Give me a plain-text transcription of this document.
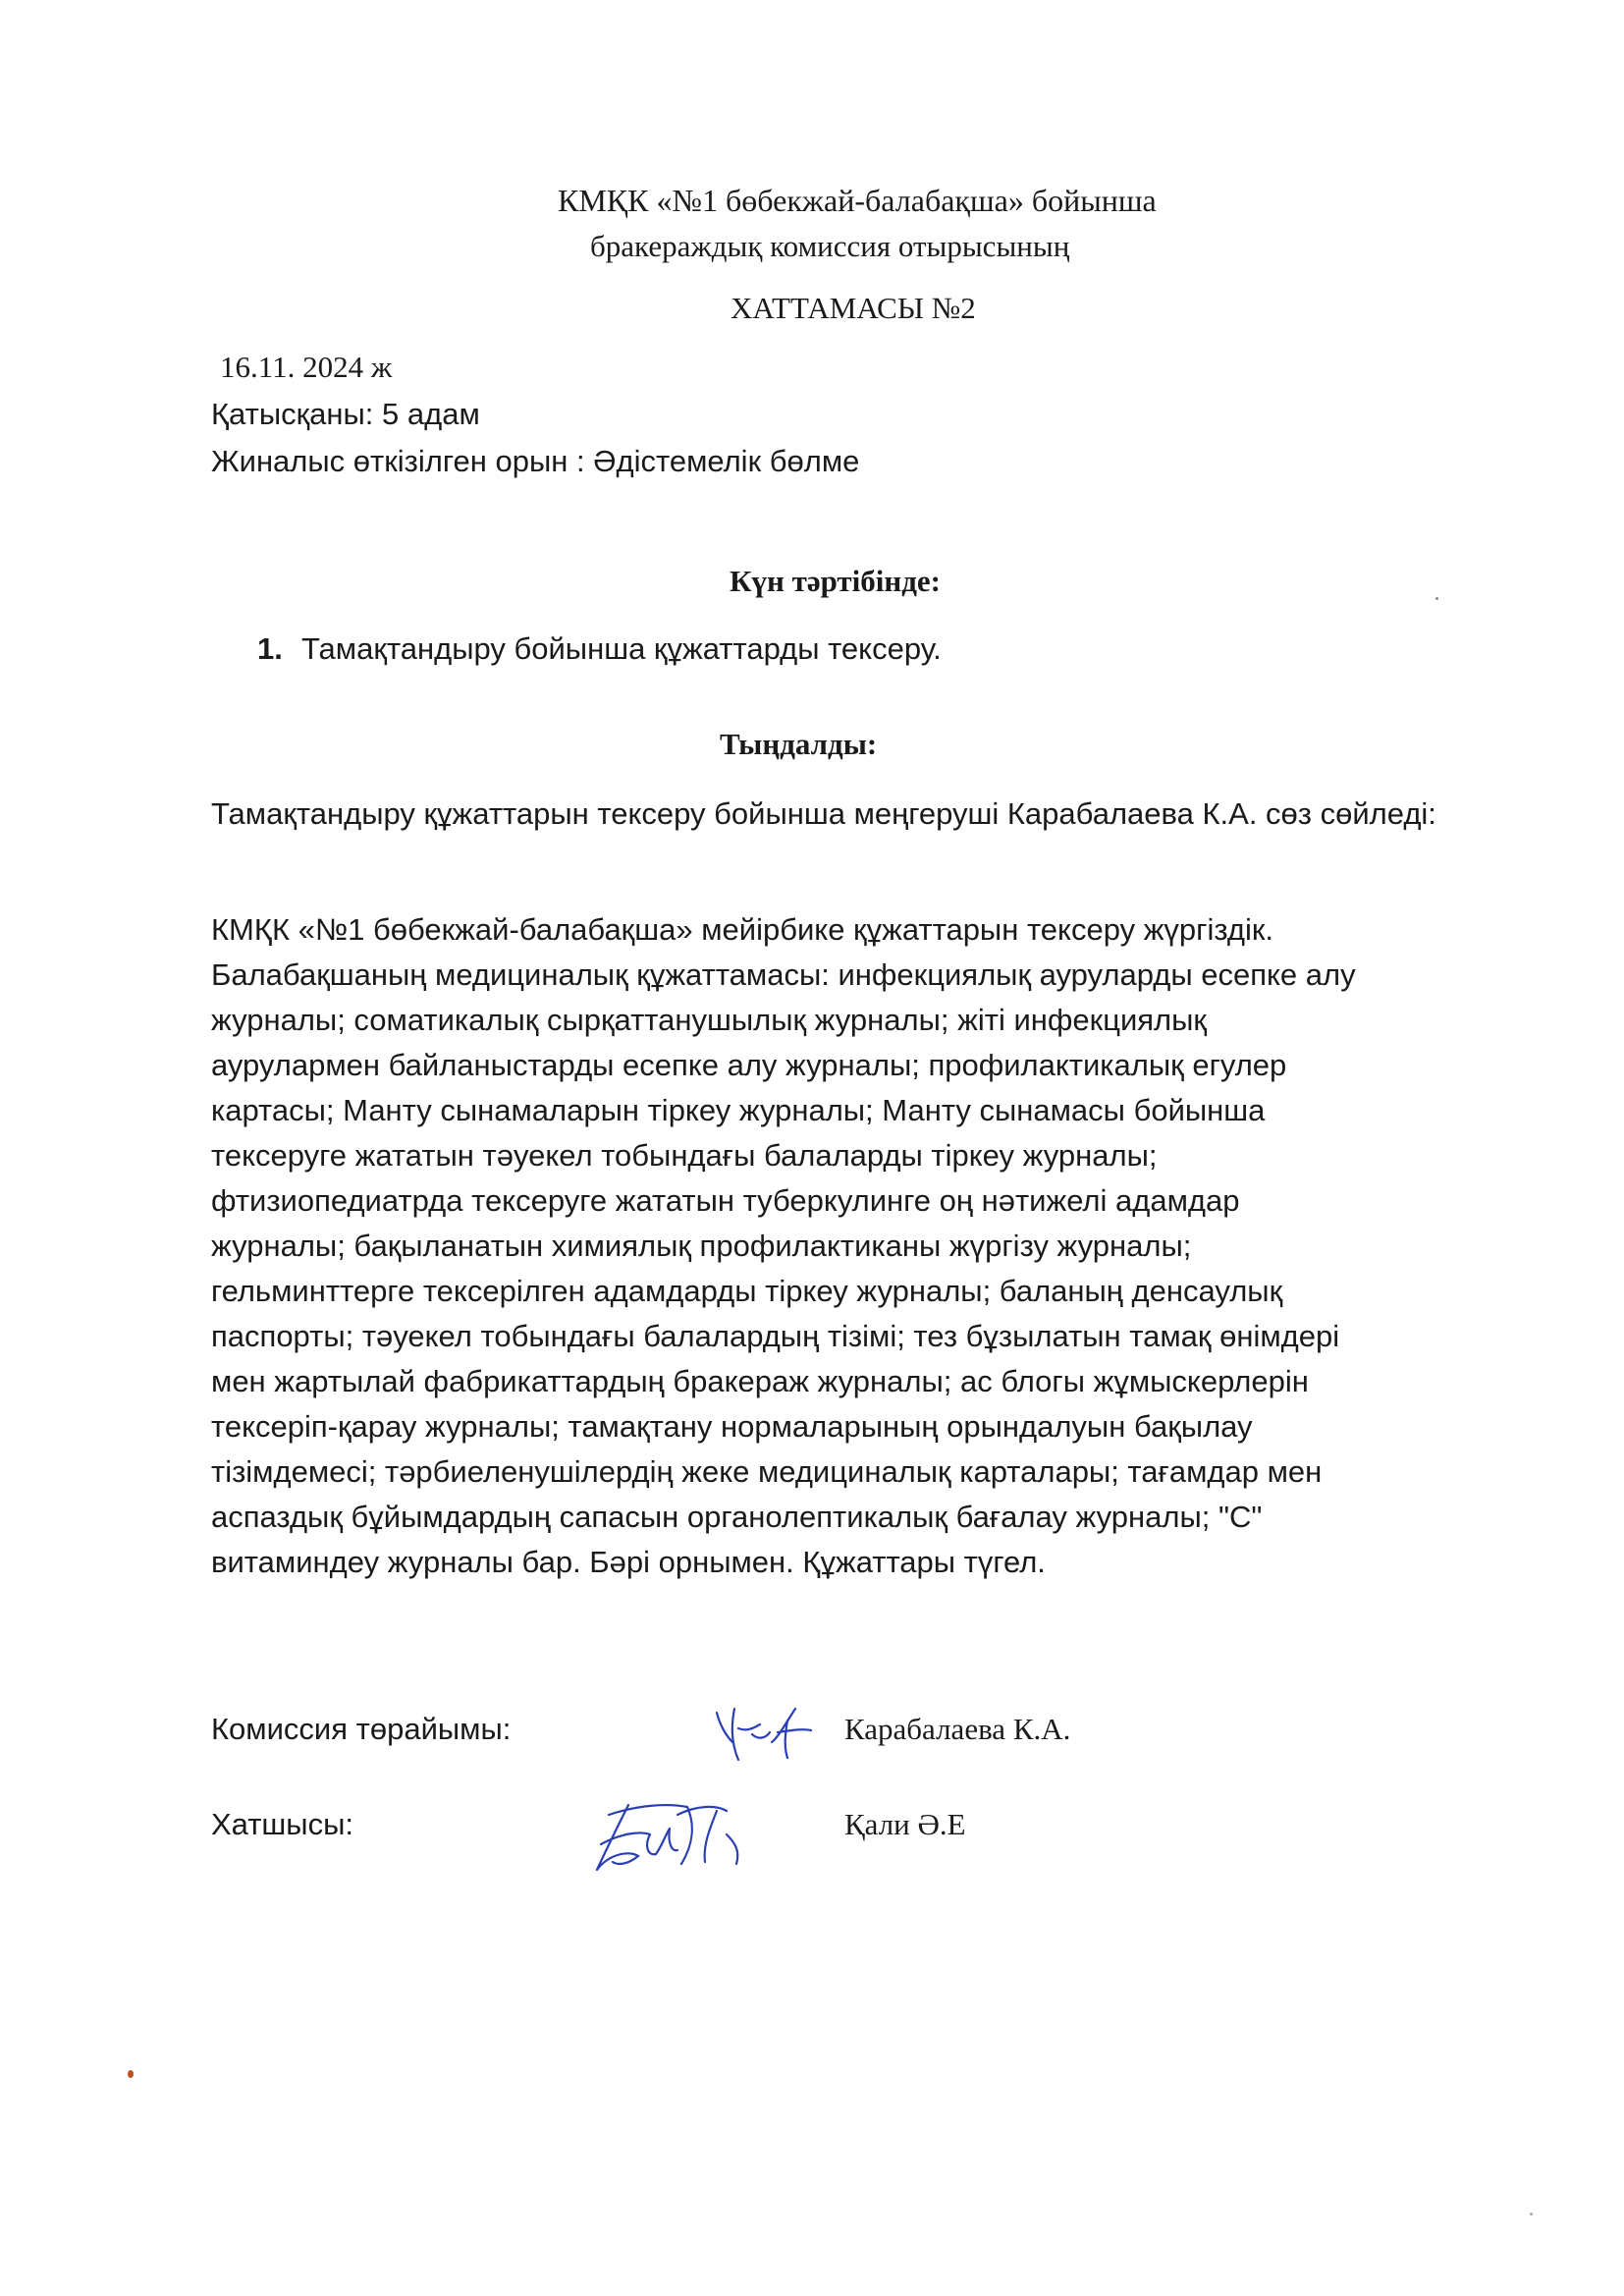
КМҚК «№1 бөбекжай-балабақша» бойынша
бракераждық комиссия отырысының
ХАТТАМАСЫ №2
16.11. 2024 ж
Қатысқаны: 5 адам
Жиналыс өткізілген орын : Әдістемелік бөлме
Күн тәртібінде:
1. Тамақтандыру бойынша құжаттарды тексеру.
Тыңдалды:
Тамақтандыру құжаттарын тексеру бойынша меңгеруші Карабалаева К.А. сөз сөйледі:
КМҚК «№1 бөбекжай-балабақша» мейірбике құжаттарын тексеру жүргіздік.
Балабақшаның медициналық құжаттамасы: инфекциялық ауруларды есепке алу
журналы; соматикалық сырқаттанушылық журналы; жіті инфекциялық
аурулармен байланыстарды есепке алу журналы; профилактикалық егулер
картасы; Манту сынамаларын тіркеу журналы; Манту сынамасы бойынша
тексеруге жататын тәуекел тобындағы балаларды тіркеу журналы;
фтизиопедиатрда тексеруге жататын туберкулинге оң нәтижелі адамдар
журналы; бақыланатын химиялық профилактиканы жүргізу журналы;
гельминттерге тексерілген адамдарды тіркеу журналы; баланың денсаулық
паспорты; тәуекел тобындағы балалардың тізімі; тез бұзылатын тамақ өнімдері
мен жартылай фабрикаттардың бракераж журналы; ас блогы жұмыскерлерін
тексеріп-қарау журналы; тамақтану нормаларының орындалуын бақылау
тізімдемесі; тәрбиеленушілердің жеке медициналық карталары; тағамдар мен
аспаздық бұйымдардың сапасын органолептикалық бағалау журналы; "С"
витаминдеу журналы бар. Бәрі орнымен. Құжаттары түгел.
Комиссия төрайымы:	Карабалаева К.А.
Хатшысы:	Қали Ә.Е
